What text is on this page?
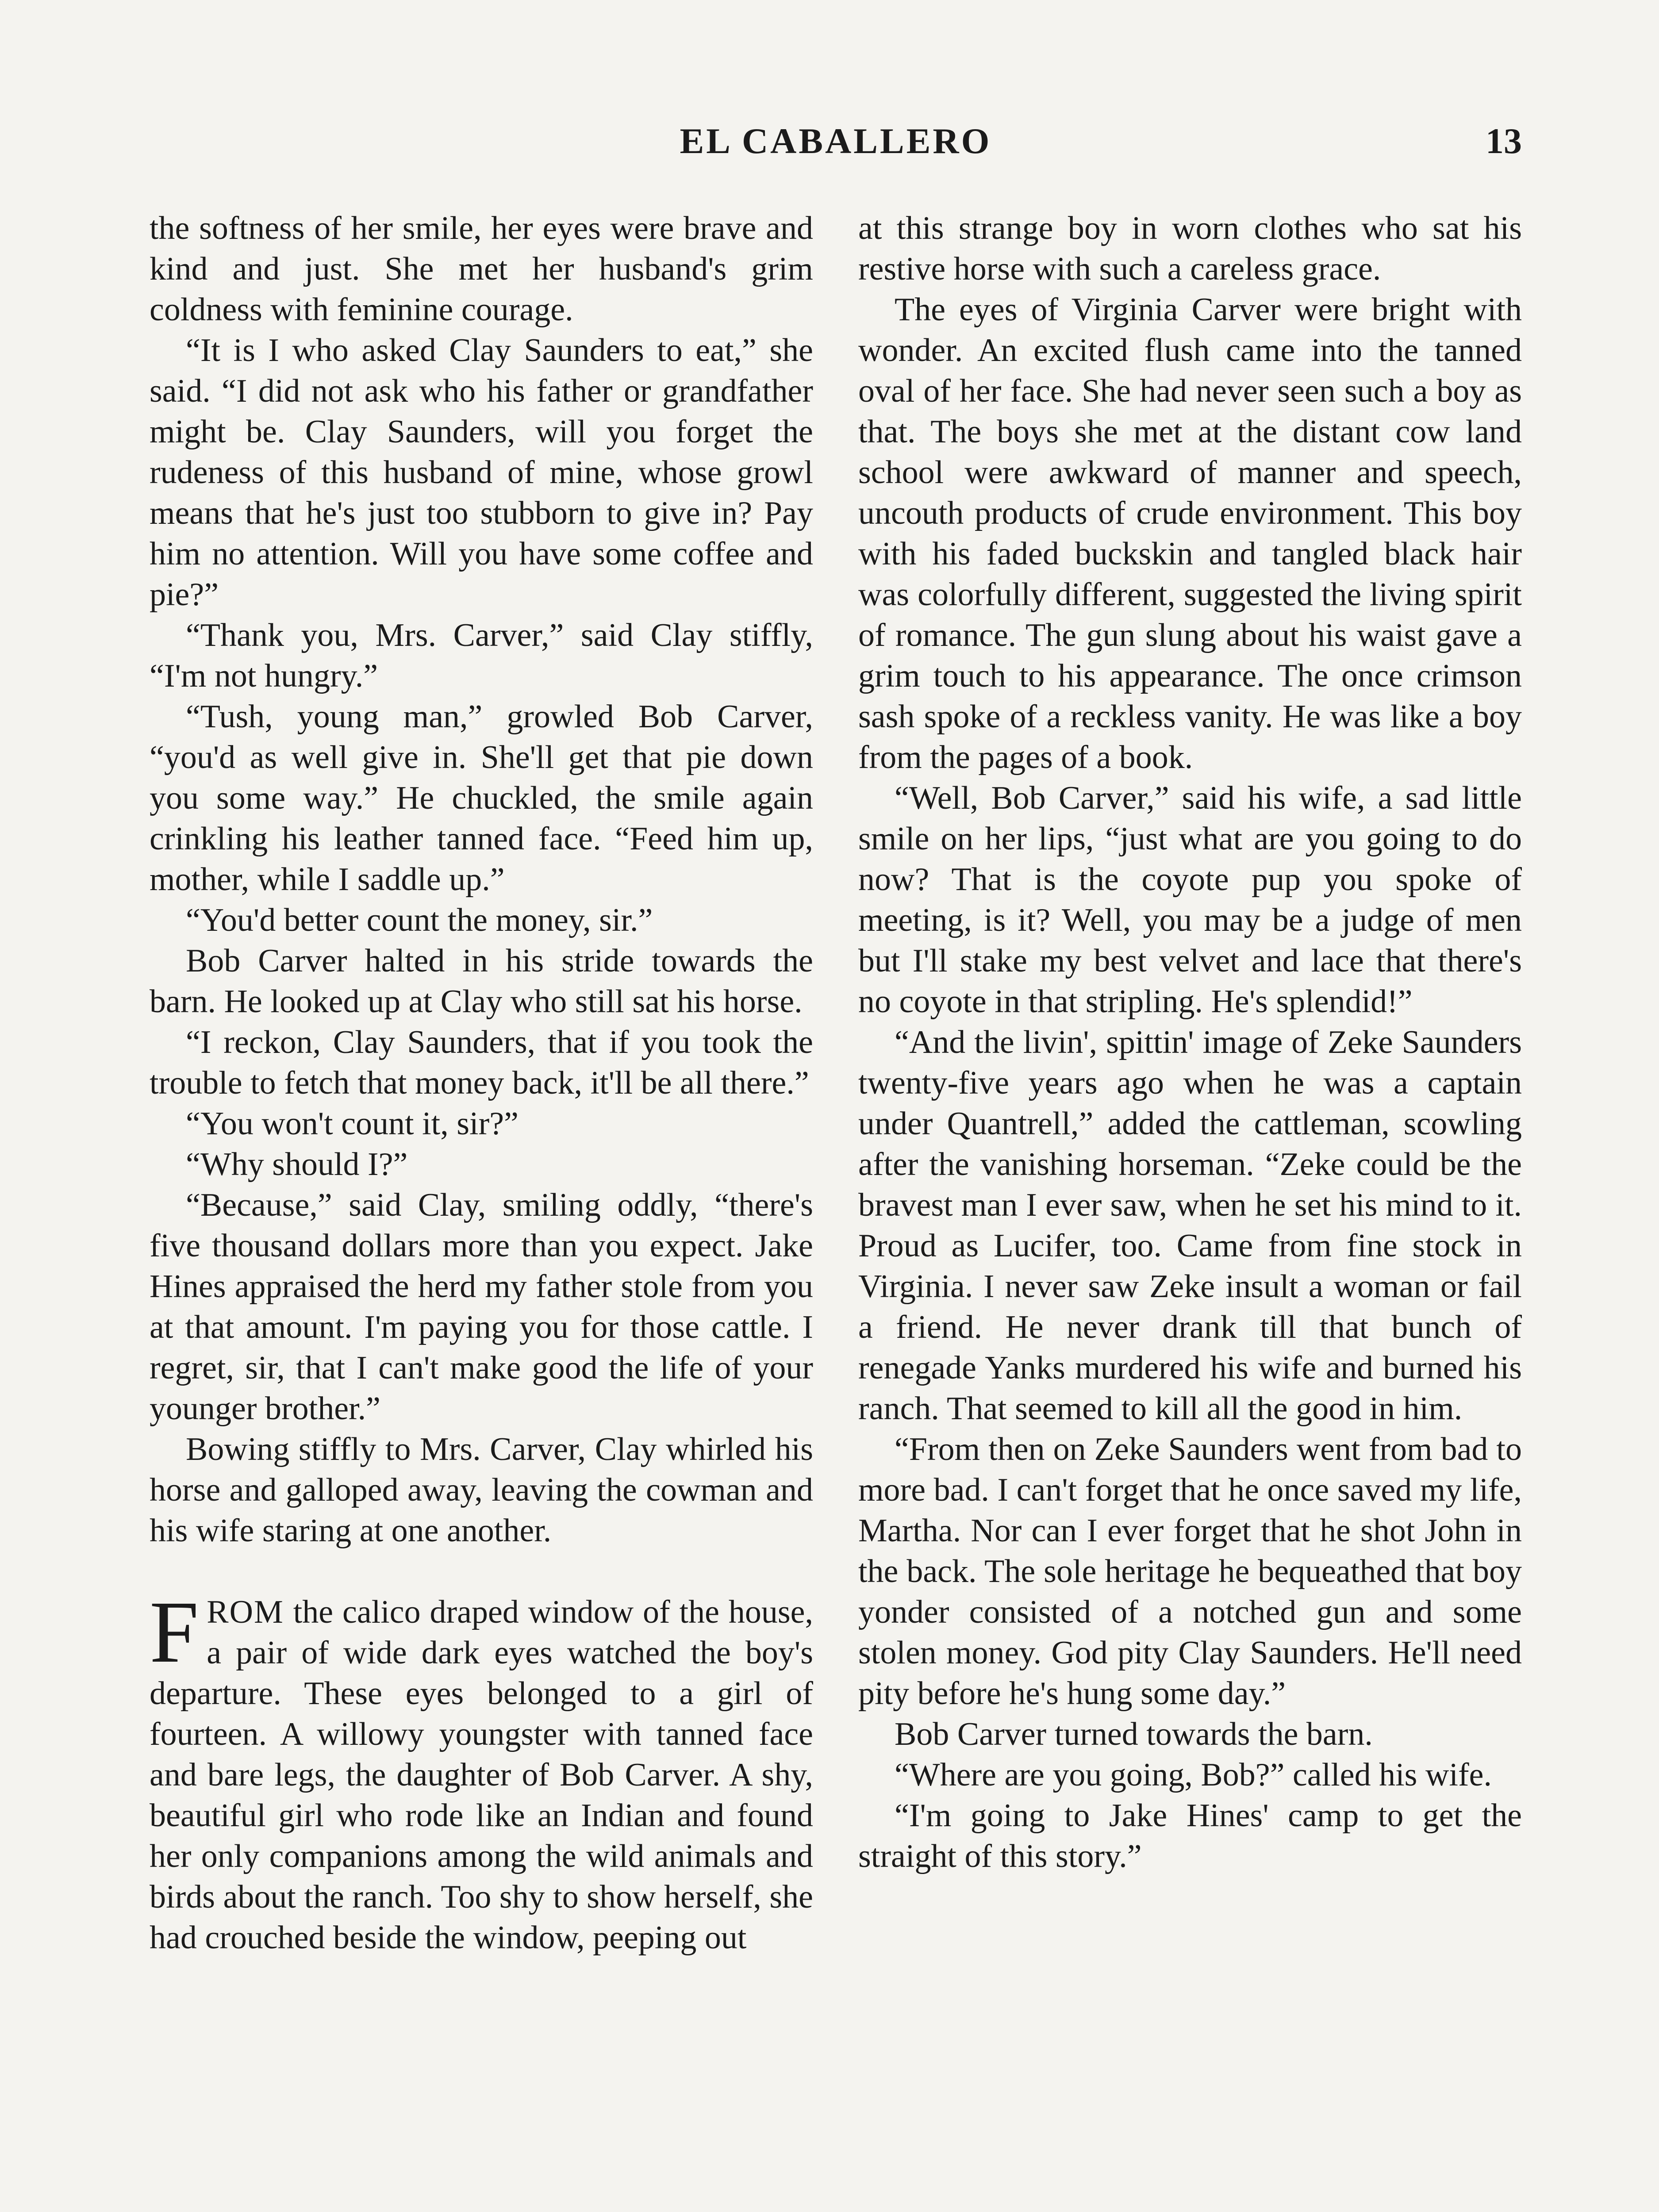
EL CABALLERO	13

the softness of her smile, her eyes were brave and kind and just. She met her husband's grim coldness with feminine courage.

“It is I who asked Clay Saunders to eat,” she said. “I did not ask who his father or grandfather might be. Clay Saunders, will you forget the rudeness of this husband of mine, whose growl means that he's just too stubborn to give in? Pay him no attention. Will you have some coffee and pie?”

“Thank you, Mrs. Carver,” said Clay stiffly, “I'm not hungry.”

“Tush, young man,” growled Bob Carver, “you'd as well give in. She'll get that pie down you some way.” He chuckled, the smile again crinkling his leather tanned face. “Feed him up, mother, while I saddle up.”

“You'd better count the money, sir.”

Bob Carver halted in his stride towards the barn. He looked up at Clay who still sat his horse.

“I reckon, Clay Saunders, that if you took the trouble to fetch that money back, it'll be all there.”

“You won't count it, sir?”

“Why should I?”

“Because,” said Clay, smiling oddly, “there's five thousand dollars more than you expect. Jake Hines appraised the herd my father stole from you at that amount. I'm paying you for those cattle. I regret, sir, that I can't make good the life of your younger brother.”

Bowing stiffly to Mrs. Carver, Clay whirled his horse and galloped away, leaving the cowman and his wife staring at one another.

FROM the calico draped window of the house, a pair of wide dark eyes watched the boy's departure. These eyes belonged to a girl of fourteen. A willowy youngster with tanned face and bare legs, the daughter of Bob Carver. A shy, beautiful girl who rode like an Indian and found her only companions among the wild animals and birds about the ranch. Too shy to show herself, she had crouched beside the window, peeping out

at this strange boy in worn clothes who sat his restive horse with such a careless grace.

The eyes of Virginia Carver were bright with wonder. An excited flush came into the tanned oval of her face. She had never seen such a boy as that. The boys she met at the distant cow land school were awkward of manner and speech, uncouth products of crude environment. This boy with his faded buckskin and tangled black hair was colorfully different, suggested the living spirit of romance. The gun slung about his waist gave a grim touch to his appearance. The once crimson sash spoke of a reckless vanity. He was like a boy from the pages of a book.

“Well, Bob Carver,” said his wife, a sad little smile on her lips, “just what are you going to do now? That is the coyote pup you spoke of meeting, is it? Well, you may be a judge of men but I'll stake my best velvet and lace that there's no coyote in that stripling. He's splendid!”

“And the livin', spittin' image of Zeke Saunders twenty-five years ago when he was a captain under Quantrell,” added the cattleman, scowling after the vanishing horseman. “Zeke could be the bravest man I ever saw, when he set his mind to it. Proud as Lucifer, too. Came from fine stock in Virginia. I never saw Zeke insult a woman or fail a friend. He never drank till that bunch of renegade Yanks murdered his wife and burned his ranch. That seemed to kill all the good in him.

“From then on Zeke Saunders went from bad to more bad. I can't forget that he once saved my life, Martha. Nor can I ever forget that he shot John in the back. The sole heritage he bequeathed that boy yonder consisted of a notched gun and some stolen money. God pity Clay Saunders. He'll need pity before he's hung some day.”

Bob Carver turned towards the barn.

“Where are you going, Bob?” called his wife.

“I'm going to Jake Hines' camp to get the straight of this story.”
